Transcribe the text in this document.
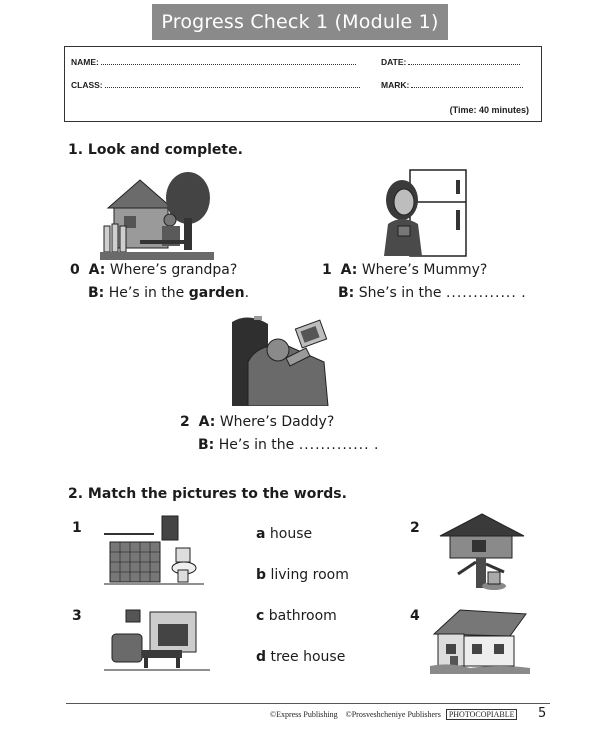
Progress Check 1 (Module 1)
NAME:	DATE:
CLASS:	MARK:
(Time: 40 minutes)
1. Look and complete.
0 A: Where’s grandpa?
B: He’s in the garden.
1 A: Where’s Mummy?
B: She’s in the ............. .
2 A: Where’s Daddy?
B: He’s in the ............. .
2. Match the pictures to the words.
1	2
3	4
a house
b living room
c bathroom
d tree house
©Express Publishing ©Prosveshcheniye Publishers PHOTOCOPIABLE 5
